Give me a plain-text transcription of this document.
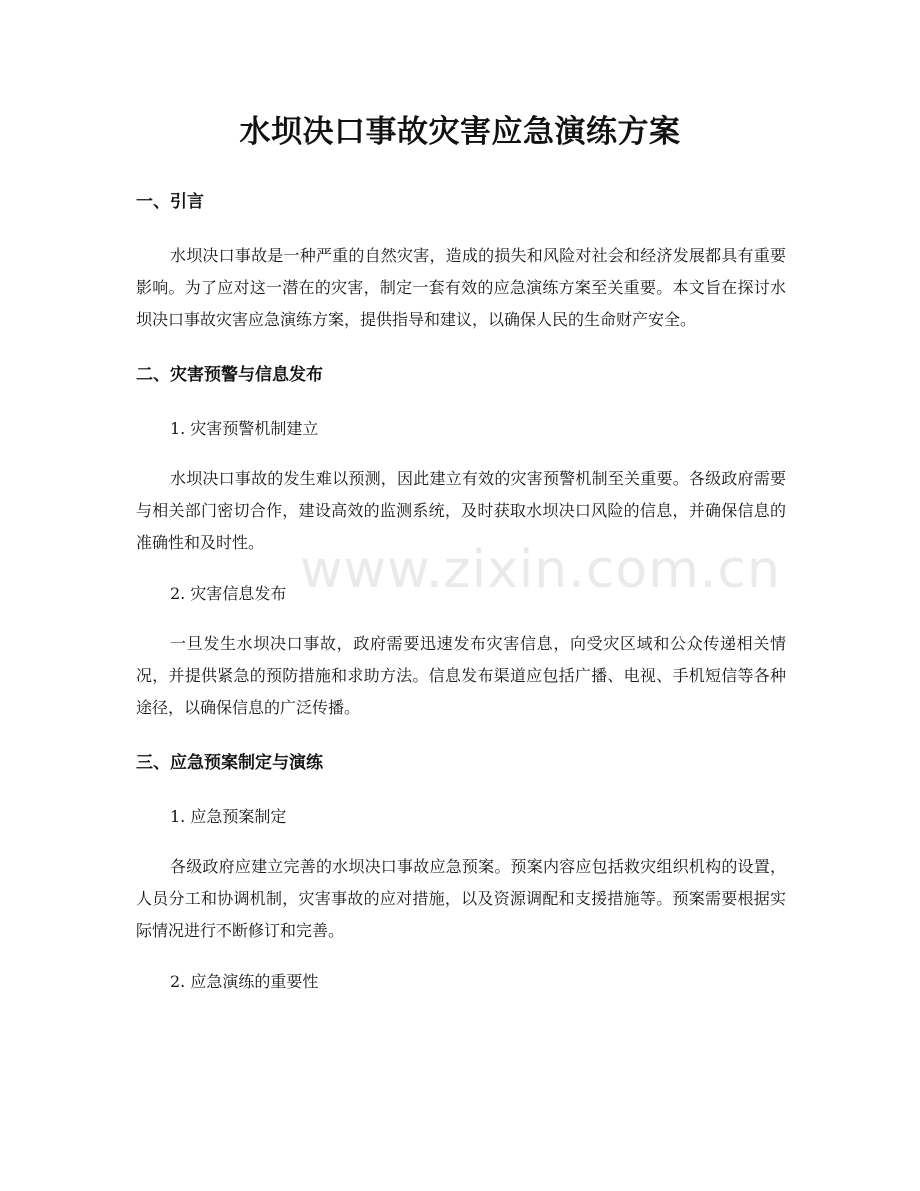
水坝决口事故灾害应急演练方案
一、引言

水坝决口事故是一种严重的自然灾害，造成的损失和风险对社会和经济发展都具有重要影响。为了应对这一潜在的灾害，制定一套有效的应急演练方案至关重要。本文旨在探讨水坝决口事故灾害应急演练方案，提供指导和建议，以确保人民的生命财产安全。

二、灾害预警与信息发布

1. 灾害预警机制建立

水坝决口事故的发生难以预测，因此建立有效的灾害预警机制至关重要。各级政府需要与相关部门密切合作，建设高效的监测系统，及时获取水坝决口风险的信息，并确保信息的准确性和及时性。

2. 灾害信息发布

一旦发生水坝决口事故，政府需要迅速发布灾害信息，向受灾区域和公众传递相关情况，并提供紧急的预防措施和求助方法。信息发布渠道应包括广播、电视、手机短信等各种途径，以确保信息的广泛传播。

三、应急预案制定与演练

1. 应急预案制定

各级政府应建立完善的水坝决口事故应急预案。预案内容应包括救灾组织机构的设置，人员分工和协调机制，灾害事故的应对措施，以及资源调配和支援措施等。预案需要根据实际情况进行不断修订和完善。

2. 应急演练的重要性

www.zixin.com.cn
